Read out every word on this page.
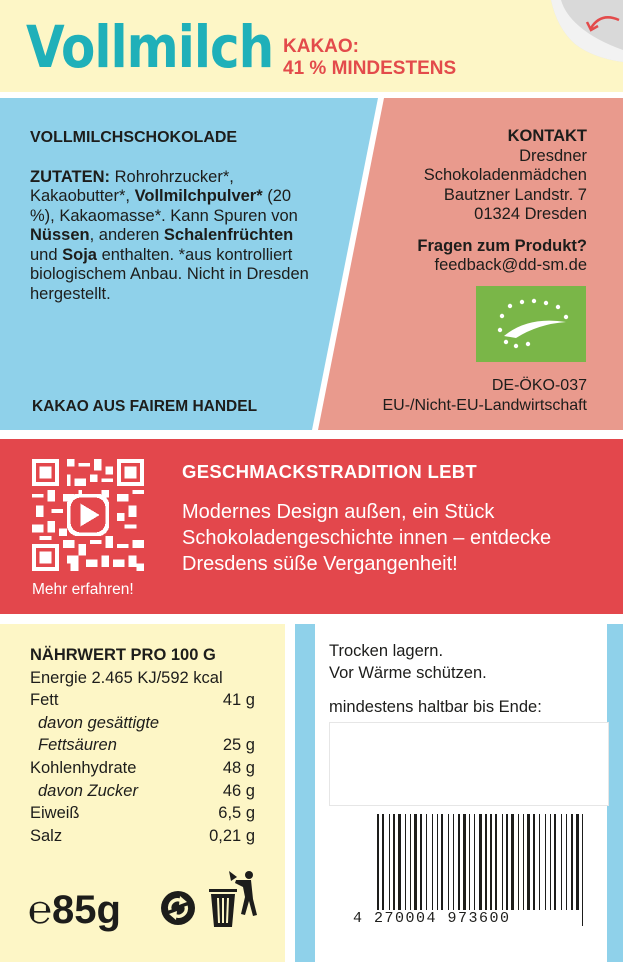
Vollmilch KAKAO:
41 % MINDESTENS
VOLLMILCHSCHOKOLADE
ZUTATEN: Rohrohrzucker*, Kakaobutter*, Vollmilchpulver* (20 %), Kakaomasse*. Kann Spuren von Nüssen, anderen Schalenfrüchten und Soja enthalten. *aus kontrolliert biologischem Anbau. Nicht in Dresden hergestellt.
KAKAO AUS FAIREM HANDEL
KONTAKT
Dresdner
Schokoladenmädchen
Bautzner Landstr. 7
01324 Dresden
Fragen zum Produkt?
feedback@dd-sm.de
DE-ÖKO-037
EU-/Nicht-EU-Landwirtschaft
Mehr erfahren!
GESCHMACKSTRADITION LEBT
Modernes Design außen, ein Stück Schokoladengeschichte innen – entdecke Dresdens süße Vergangenheit!
NÄHRWERT PRO 100 G
Energie 2.465 KJ/592 kcal
Fett	41 g
davon gesättigte
Fettsäuren	25 g
Kohlenhydrate	48 g
davon Zucker	46 g
Eiweiß	6,5 g
Salz	0,21 g
℮85g
Trocken lagern.
Vor Wärme schützen.
mindestens haltbar bis Ende:
4 270004 973600
